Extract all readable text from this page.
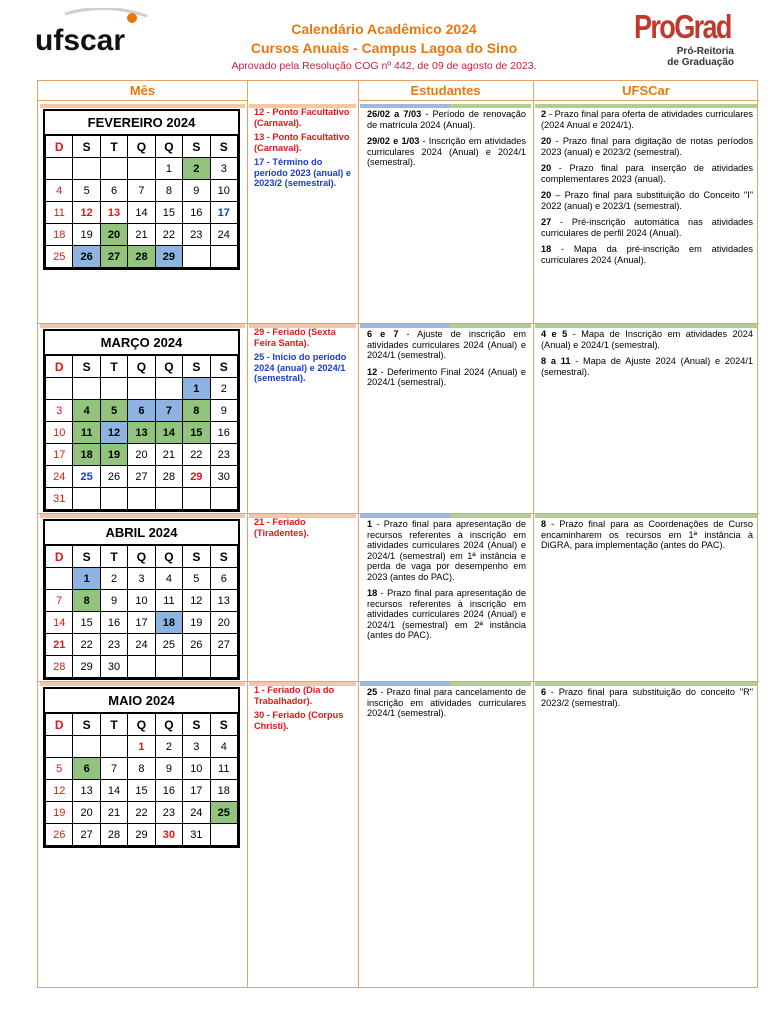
ufscar	Calendário Acadêmico 2024
Cursos Anuais - Campus Lagoa do Sino
Aprovado pela Resolução COG nº 442, de 09 de agosto de 2023.
ProGrad
Pró-Reitoria
de Graduação
Mês	Estudantes	UFSCar
FEVEREIRO 2024
D	S	T	Q	Q	S	S
				1	2	3
4	5	6	7	8	9	10
11	12	13	14	15	16	17
18	19	20	21	22	23	24
25	26	27	28	29		

12 - Ponto Facultativo (Carnaval).

13 - Ponto Facultativo (Carnaval).

17 - Término do período 2023 (anual) e 2023/2 (semestral).

26/02 a 7/03 - Período de renovação de matrícula 2024 (Anual).

29/02 e 1/03 - Inscrição em atividades curriculares 2024 (Anual) e 2024/1 (semestral).

2 - Prazo final para oferta de atividades curriculares (2024 Anual e 2024/1).

20 - Prazo final para digitação de notas períodos 2023 (anual) e 2023/2 (semestral).

20 - Prazo final para inserção de atividades complementares 2023 (anual).

20 – Prazo final para substituição do Conceito "I" 2022 (anual) e 2023/1 (semestral).

27 - Pré-inscrição automática nas atividades curriculares de perfil 2024 (Anual).

18 - Mapa da pré-inscrição em atividades curriculares 2024 (Anual).

MARÇO 2024
D	S	T	Q	Q	S	S
					1	2
3	4	5	6	7	8	9
10	11	12	13	14	15	16
17	18	19	20	21	22	23
24	25	26	27	28	29	30
31						

29 - Feriado (Sexta Feira Santa).

25 - Início do período 2024 (anual) e 2024/1 (semestral).

6 e 7 - Ajuste de inscrição em atividades curriculares 2024 (Anual) e 2024/1 (semestral).

12 - Deferimento Final 2024 (Anual) e 2024/1 (semestral).

4 e 5 - Mapa de Inscrição em atividades 2024 (Anual) e 2024/1 (semestral).

8 a 11 - Mapa de Ajuste 2024 (Anual) e 2024/1 (semestral).

ABRIL 2024
D	S	T	Q	Q	S	S
	1	2	3	4	5	6
7	8	9	10	11	12	13
14	15	16	17	18	19	20
21	22	23	24	25	26	27
28	29	30				

21 - Feriado (Tiradentes).

1 - Prazo final para apresentação de recursos referentes à inscrição em atividades curriculares 2024 (Anual) e 2024/1 (semestral) em 1ª instância e perda de vaga por desempenho em 2023 (antes do PAC).

18 - Prazo final para apresentação de recursos referentes à inscrição em atividades curriculares 2024 (Anual) e 2024/1 (semestral) em 2ª instância (antes do PAC).

8 - Prazo final para as Coordenações de Curso encaminharem os recursos em 1ª instância à DiGRA, para implementação (antes do PAC).

MAIO 2024
D	S	T	Q	Q	S	S
			1	2	3	4
5	6	7	8	9	10	11
12	13	14	15	16	17	18
19	20	21	22	23	24	25
26	27	28	29	30	31	

1 - Feriado (Dia do Trabalhador).

30 - Feriado (Corpus Christi).

25 - Prazo final para cancelamento de inscrição em atividades curriculares 2024/1 (semestral).

6 - Prazo final para substituição do conceito "R" 2023/2 (semestral).
